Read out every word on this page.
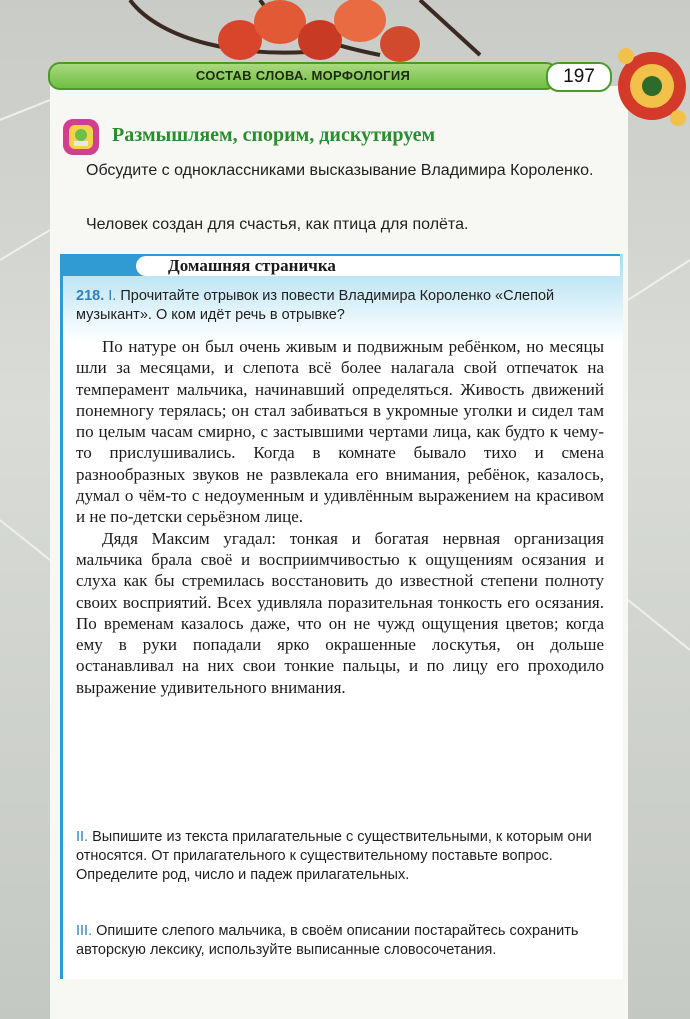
СОСТАВ СЛОВА. МОРФОЛОГИЯ	197
Размышляем, спорим, дискутируем

Обсудите с одноклассниками высказывание Владимира Короленко.

Человек создан для счастья, как птица для полёта.

Домашняя страничка

218. I. Прочитайте отрывок из повести Владимира Короленко «Слепой музыкант». О ком идёт речь в отрывке?

По натуре он был очень живым и подвижным ребёнком, но месяцы шли за месяцами, и слепота всё более налагала свой отпечаток на темперамент мальчика, начинавший определяться. Живость движений понемногу терялась; он стал забиваться в укромные уголки и сидел там по целым часам смирно, с застывшими чертами лица, как будто к чему-то прислушивались. Когда в комнате бывало тихо и смена разнообразных звуков не развлекала его внимания, ребёнок, казалось, думал о чём-то с недоуменным и удивлённым выражением на красивом и не по-детски серьёзном лице.

Дядя Максим угадал: тонкая и богатая нервная организация мальчика брала своё и восприимчивостью к ощущениям осязания и слуха как бы стремилась восстановить до известной степени полноту своих восприятий. Всех удивляла поразительная тонкость его осязания. По временам казалось даже, что он не чужд ощущения цветов; когда ему в руки попадали ярко окрашенные лоскутья, он дольше останавливал на них свои тонкие пальцы, и по лицу его проходило выражение удивительного внимания.

II. Выпишите из текста прилагательные с существительными, к которым они относятся. От прилагательного к существительному поставьте вопрос. Определите род, число и падеж прилагательных.

III. Опишите слепого мальчика, в своём описании постарайтесь сохранить авторскую лексику, используйте выписанные словосочетания.
